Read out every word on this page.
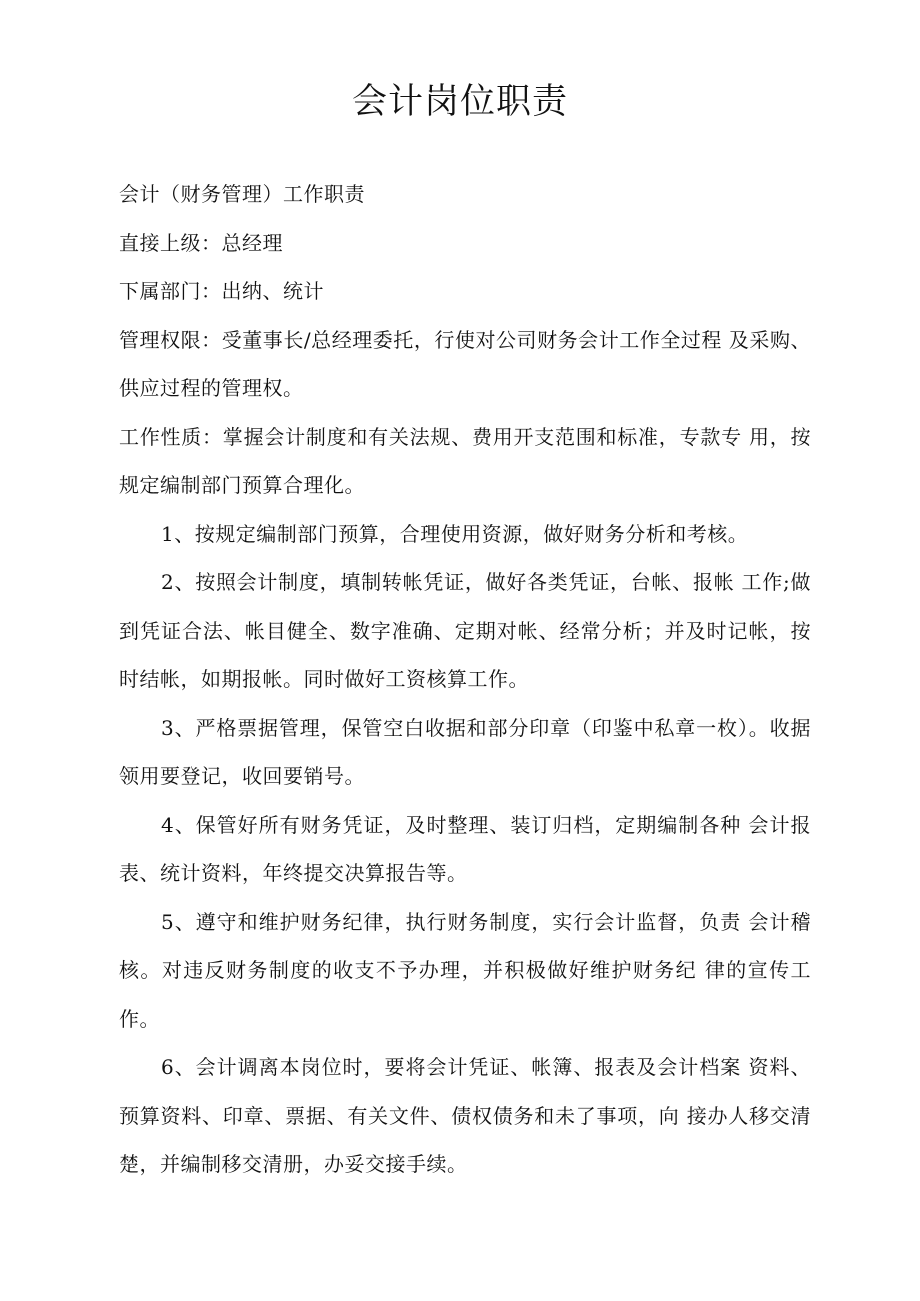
会计岗位职责

会计（财务管理）工作职责

直接上级：总经理

下属部门：出纳、统计

管理权限：受董事长/总经理委托，行使对公司财务会计工作全过程 及采购、供应过程的管理权。

工作性质：掌握会计制度和有关法规、费用开支范围和标准，专款专 用，按规定编制部门预算合理化。

1、按规定编制部门预算，合理使用资源，做好财务分析和考核。

2、按照会计制度，填制转帐凭证，做好各类凭证，台帐、报帐 工作;做到凭证合法、帐目健全、数字准确、定期对帐、经常分析；并及时记帐，按时结帐，如期报帐。同时做好工资核算工作。

3、严格票据管理，保管空白收据和部分印章（印鉴中私章一枚）。收据领用要登记，收回要销号。

4、保管好所有财务凭证，及时整理、装订归档，定期编制各种 会计报表、统计资料，年终提交决算报告等。

5、遵守和维护财务纪律，执行财务制度，实行会计监督，负责 会计稽核。对违反财务制度的收支不予办理，并积极做好维护财务纪 律的宣传工作。

6、会计调离本岗位时，要将会计凭证、帐簿、报表及会计档案 资料、预算资料、印章、票据、有关文件、债权债务和未了事项，向 接办人移交清楚，并编制移交清册，办妥交接手续。
